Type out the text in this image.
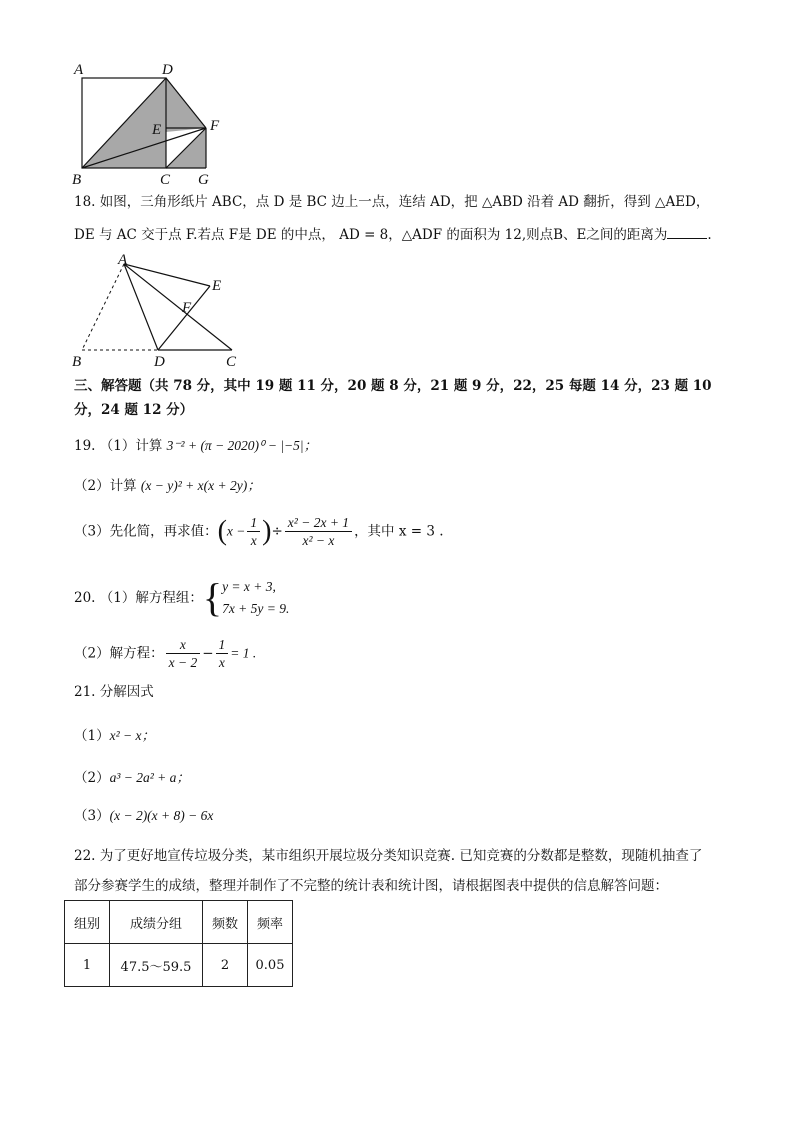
A	D
E	F
B	C G
18. 如图，三角形纸片 ABC，点 D 是 BC 边上一点，连结 AD，把 △ABD 沿着 AD 翻折，得到 △AED，
DE 与 AC 交于点 F.若点 F是 DE 的中点， AD = 8，△ADF 的面积为 12,则点B、E之间的距离为	.
A
E
F
B	D	C
三、解答题（共 78 分，其中 19 题 11 分，20 题 8 分，21 题 9 分，22，25 每题 14 分，23 题 10
分，24 题 12 分）
19. （1）计算 3⁻² + (π − 2020)⁰ − |−5|；
（2）计算 (x − y)² + x(x + 2y)；
（3）先化简，再求值：($x - \frac{1}{x}$ )÷ $\frac{\text{x² − 2x + 1}}{\text{x² − x}}$ ，其中 x = 3 .
20. （1）解方程组：{ y = x + 3,
7x + 5y = 9.
（2）解方程： $\frac{x}{x - 2} - \frac{1}{x} = 1$ .
21. 分解因式
（1）x² − x；
（2）a³ − 2a² + a；
（3）(x − 2)(x + 8) − 6x
22. 为了更好地宣传垃圾分类，某市组织开展垃圾分类知识竞赛. 已知竞赛的分数都是整数，现随机抽查了
部分参赛学生的成绩，整理并制作了不完整的统计表和统计图，请根据图表中提供的信息解答问题：
组别	成绩分组	频数	频率
1	47.5～59.5	2	0.05
